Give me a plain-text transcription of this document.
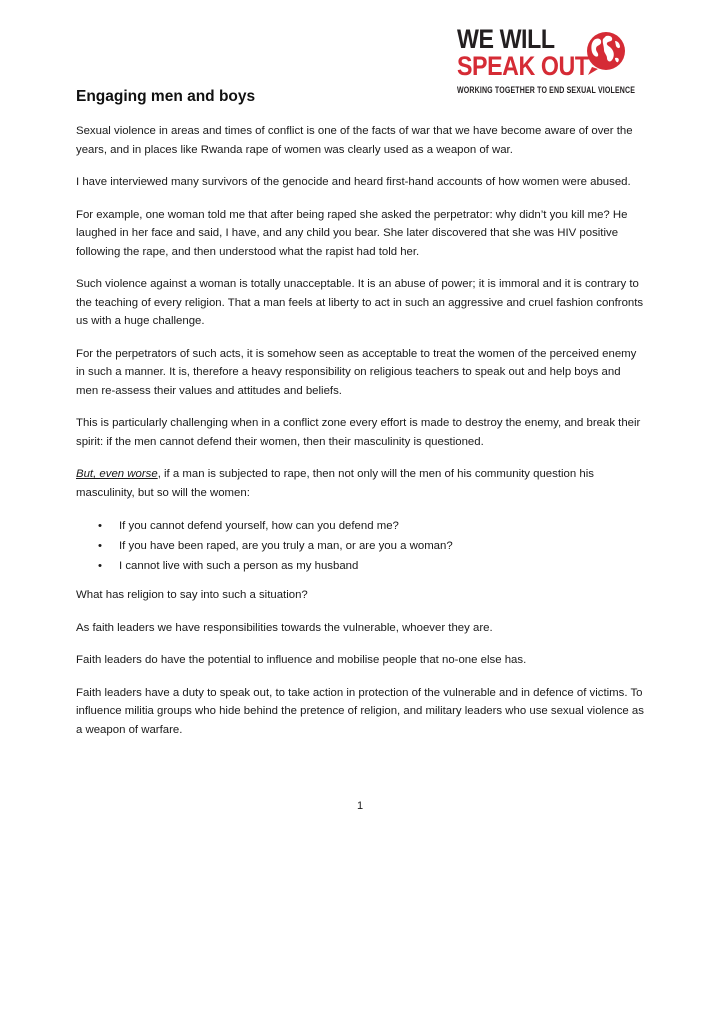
WE WILL
SPEAK OUT
WORKING TOGETHER TO END SEXUAL VIOLENCE
Engaging men and boys

Sexual violence in areas and times of conflict is one of the facts of war that we have become aware of over the years, and in places like Rwanda rape of women was clearly used as a weapon of war.

I have interviewed many survivors of the genocide and heard first-hand accounts of how women were abused.

For example, one woman told me that after being raped she asked the perpetrator: why didn’t you kill me? He laughed in her face and said, I have, and any child you bear. She later discovered that she was HIV positive following the rape, and then understood what the rapist had told her.

Such violence against a woman is totally unacceptable. It is an abuse of power; it is immoral and it is contrary to the teaching of every religion. That a man feels at liberty to act in such an aggressive and cruel fashion confronts us with a huge challenge.

For the perpetrators of such acts, it is somehow seen as acceptable to treat the women of the perceived enemy in such a manner. It is, therefore a heavy responsibility on religious teachers to speak out and help boys and men re-assess their values and attitudes and beliefs.

This is particularly challenging when in a conflict zone every effort is made to destroy the enemy, and break their spirit: if the men cannot defend their women, then their masculinity is questioned.

But, even worse, if a man is subjected to rape, then not only will the men of his community question his masculinity, but so will the women:

• If you cannot defend yourself, how can you defend me?
• If you have been raped, are you truly a man, or are you a woman?
• I cannot live with such a person as my husband

What has religion to say into such a situation?

As faith leaders we have responsibilities towards the vulnerable, whoever they are.

Faith leaders do have the potential to influence and mobilise people that no-one else has.

Faith leaders have a duty to speak out, to take action in protection of the vulnerable and in defence of victims. To influence militia groups who hide behind the pretence of religion, and military leaders who use sexual violence as a weapon of warfare.

1
